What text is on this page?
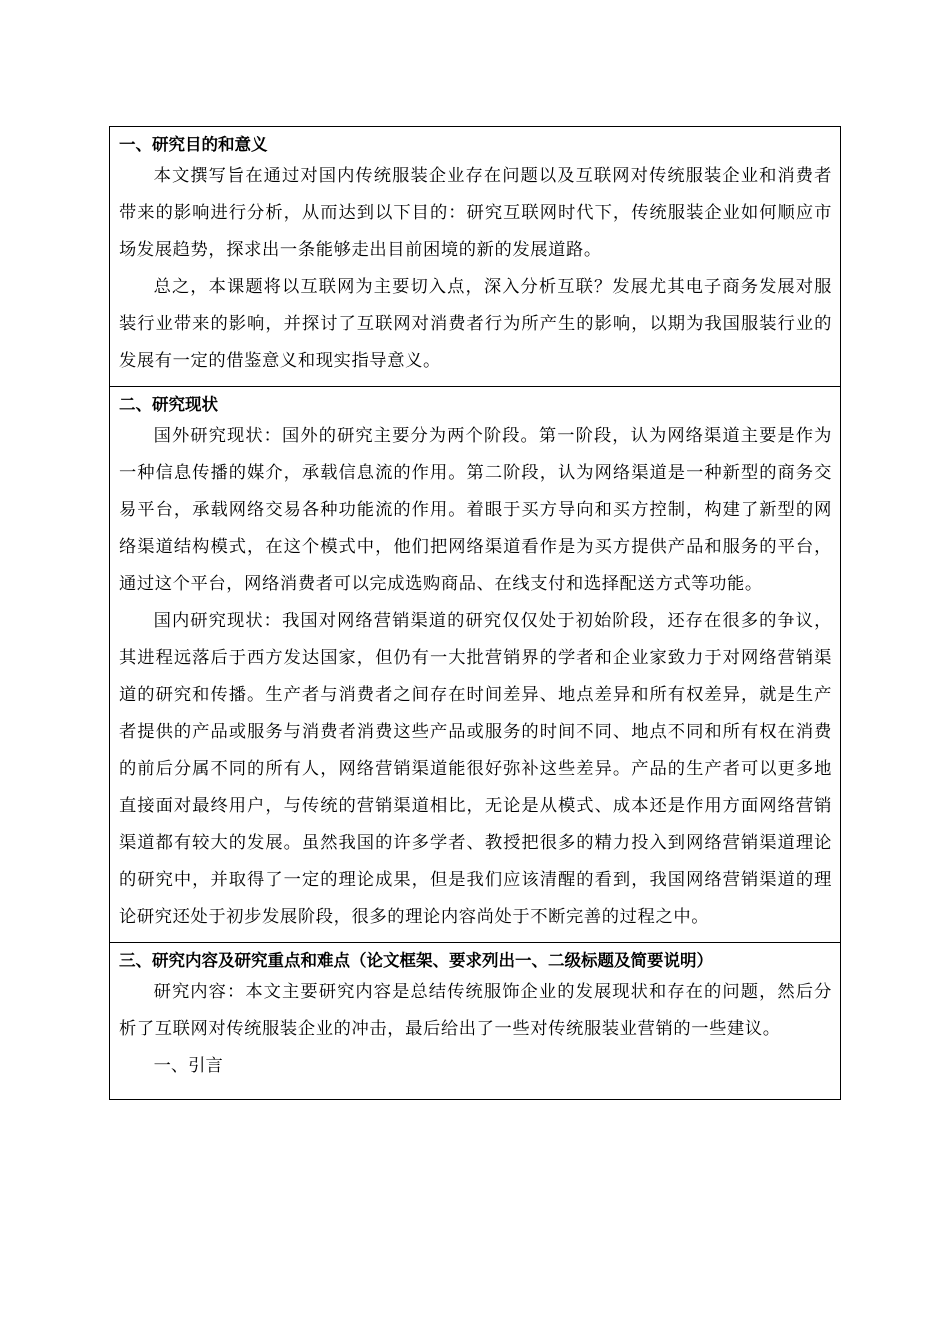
一、研究目的和意义

本文撰写旨在通过对国内传统服装企业存在问题以及互联网对传统服装企业和消费者带来的影响进行分析，从而达到以下目的：研究互联网时代下，传统服装企业如何顺应市场发展趋势，探求出一条能够走出目前困境的新的发展道路。

总之，本课题将以互联网为主要切入点，深入分析互联？发展尤其电子商务发展对服装行业带来的影响，并探讨了互联网对消费者行为所产生的影响，以期为我国服装行业的发展有一定的借鉴意义和现实指导意义。

二、研究现状

国外研究现状：国外的研究主要分为两个阶段。第一阶段，认为网络渠道主要是作为一种信息传播的媒介，承载信息流的作用。第二阶段，认为网络渠道是一种新型的商务交易平台，承载网络交易各种功能流的作用。着眼于买方导向和买方控制，构建了新型的网络渠道结构模式，在这个模式中，他们把网络渠道看作是为买方提供产品和服务的平台，通过这个平台，网络消费者可以完成选购商品、在线支付和选择配送方式等功能。

国内研究现状：我国对网络营销渠道的研究仅仅处于初始阶段，还存在很多的争议，其进程远落后于西方发达国家，但仍有一大批营销界的学者和企业家致力于对网络营销渠道的研究和传播。生产者与消费者之间存在时间差异、地点差异和所有权差异，就是生产者提供的产品或服务与消费者消费这些产品或服务的时间不同、地点不同和所有权在消费的前后分属不同的所有人，网络营销渠道能很好弥补这些差异。产品的生产者可以更多地直接面对最终用户，与传统的营销渠道相比，无论是从模式、成本还是作用方面网络营销渠道都有较大的发展。虽然我国的许多学者、教授把很多的精力投入到网络营销渠道理论的研究中，并取得了一定的理论成果，但是我们应该清醒的看到，我国网络营销渠道的理论研究还处于初步发展阶段，很多的理论内容尚处于不断完善的过程之中。

三、研究内容及研究重点和难点（论文框架、要求列出一、二级标题及简要说明）

研究内容：本文主要研究内容是总结传统服饰企业的发展现状和存在的问题，然后分析了互联网对传统服装企业的冲击，最后给出了一些对传统服装业营销的一些建议。

一、引言
